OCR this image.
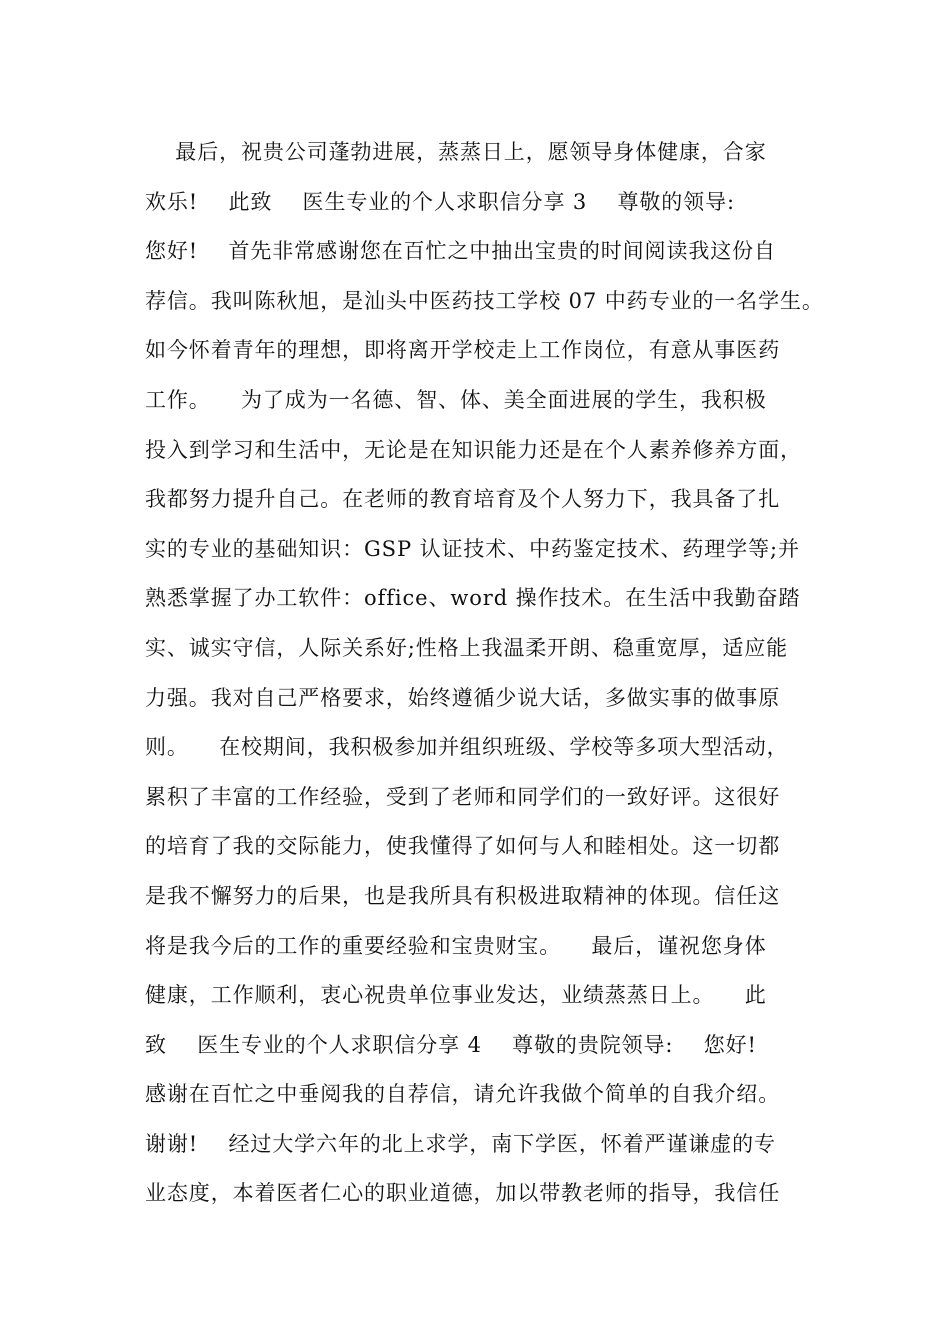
最后，祝贵公司蓬勃进展，蒸蒸日上，愿领导身体健康，合家
欢乐!    此致    医生专业的个人求职信分享 3    尊敬的领导:
您好!    首先非常感谢您在百忙之中抽出宝贵的时间阅读我这份自
荐信。我叫陈秋旭，是汕头中医药技工学校 07 中药专业的一名学生。
如今怀着青年的理想，即将离开学校走上工作岗位，有意从事医药
工作。    为了成为一名德、智、体、美全面进展的学生，我积极
投入到学习和生活中，无论是在知识能力还是在个人素养修养方面，
我都努力提升自己。在老师的教育培育及个人努力下，我具备了扎
实的专业的基础知识：GSP 认证技术、中药鉴定技术、药理学等;并
熟悉掌握了办工软件：office、word 操作技术。在生活中我勤奋踏
实、诚实守信，人际关系好;性格上我温柔开朗、稳重宽厚，适应能
力强。我对自己严格要求，始终遵循少说大话，多做实事的做事原
则。    在校期间，我积极参加并组织班级、学校等多项大型活动，
累积了丰富的工作经验，受到了老师和同学们的一致好评。这很好
的培育了我的交际能力，使我懂得了如何与人和睦相处。这一切都
是我不懈努力的后果，也是我所具有积极进取精神的体现。信任这
将是我今后的工作的重要经验和宝贵财宝。    最后，谨祝您身体
健康，工作顺利，衷心祝贵单位事业发达，业绩蒸蒸日上。    此
致    医生专业的个人求职信分享 4    尊敬的贵院领导:    您好!
感谢在百忙之中垂阅我的自荐信，请允许我做个简单的自我介绍。
谢谢!    经过大学六年的北上求学，南下学医，怀着严谨谦虚的专
业态度，本着医者仁心的职业道德，加以带教老师的指导，我信任
